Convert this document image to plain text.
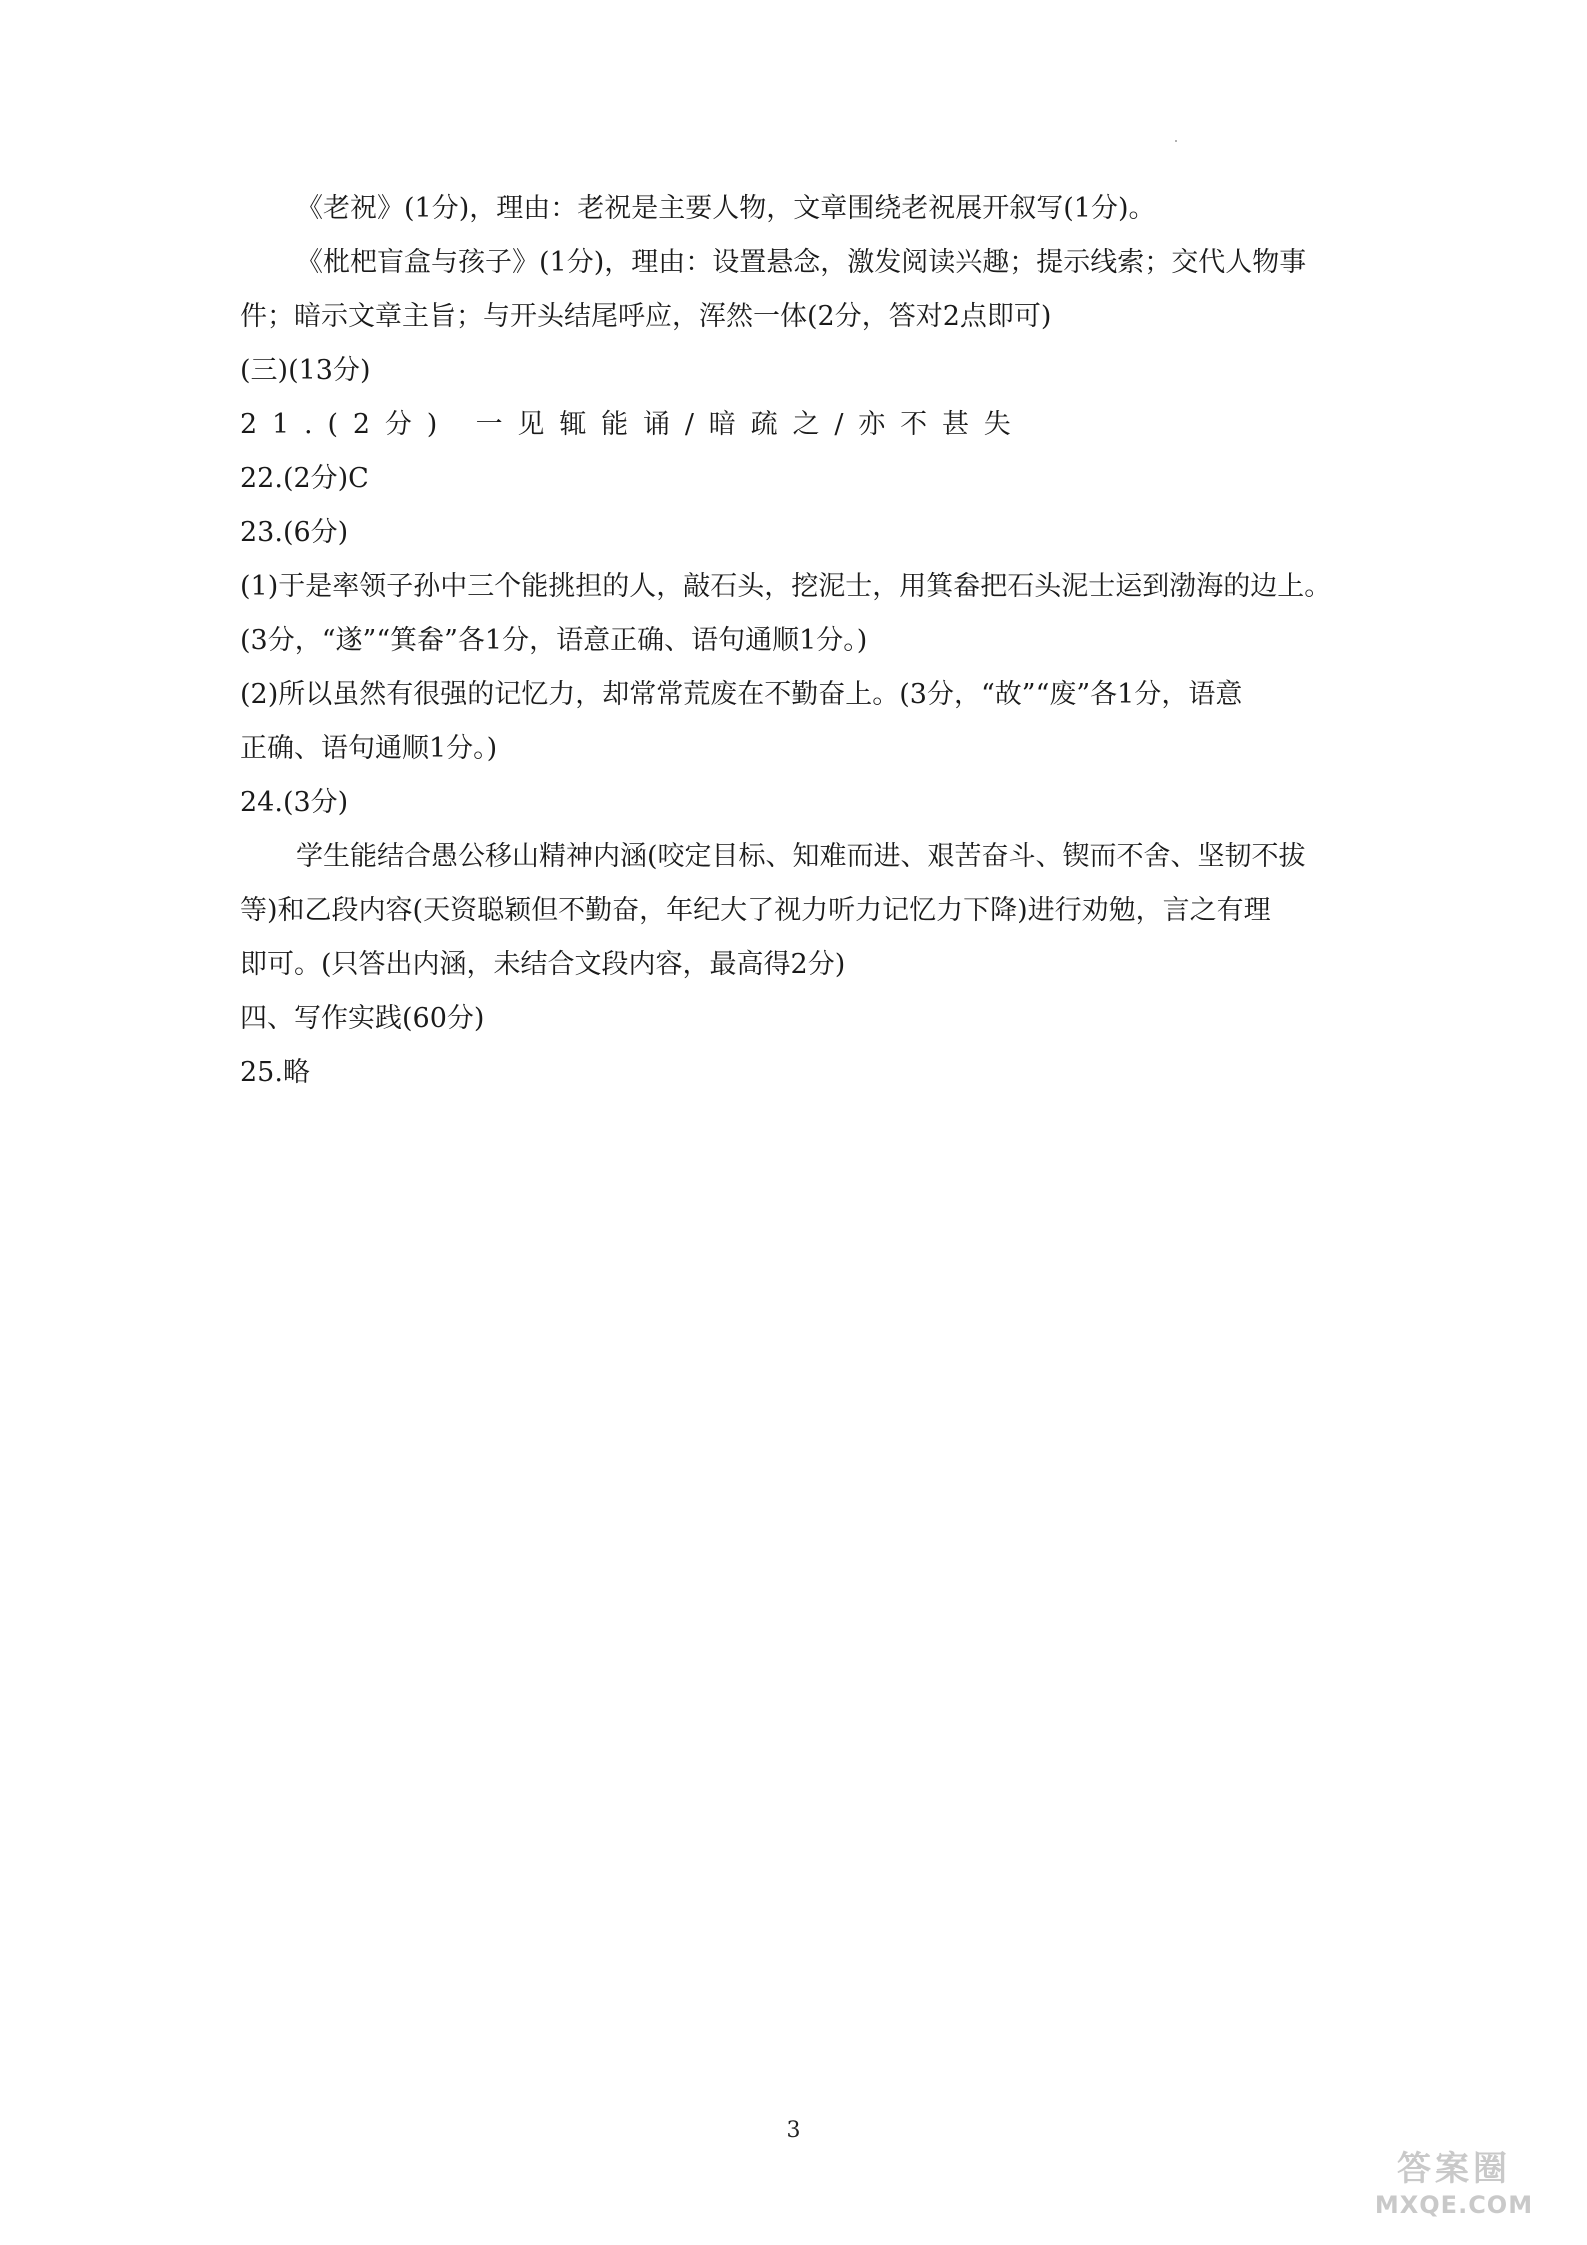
《老祝》(1分)，理由：老祝是主要人物，文章围绕老祝展开叙写(1分)。

《枇杷盲盒与孩子》(1分)，理由：设置悬念，激发阅读兴趣；提示线索；交代人物事

件；暗示文章主旨；与开头结尾呼应，浑然一体(2分，答对2点即可)

(三)(13分)

21.(2分) 一见辄能诵/暗疏之/亦不甚失

22.(2分)C

23.(6分)

(1)于是率领子孙中三个能挑担的人，敲石头，挖泥士，用箕畚把石头泥士运到渤海的边上。

(3分，“遂”“箕畚”各1分，语意正确、语句通顺1分。)

(2)所以虽然有很强的记忆力，却常常荒废在不勤奋上。(3分，“故”“废”各1分，语意

正确、语句通顺1分。)

24.(3分)

学生能结合愚公移山精神内涵(咬定目标、知难而进、艰苦奋斗、锲而不舍、坚韧不拔

等)和乙段内容(天资聪颖但不勤奋，年纪大了视力听力记忆力下降)进行劝勉，言之有理

即可。(只答出内涵，未结合文段内容，最高得2分)

四、写作实践(60分)

25.略

3
答案圈
MXQE.COM
